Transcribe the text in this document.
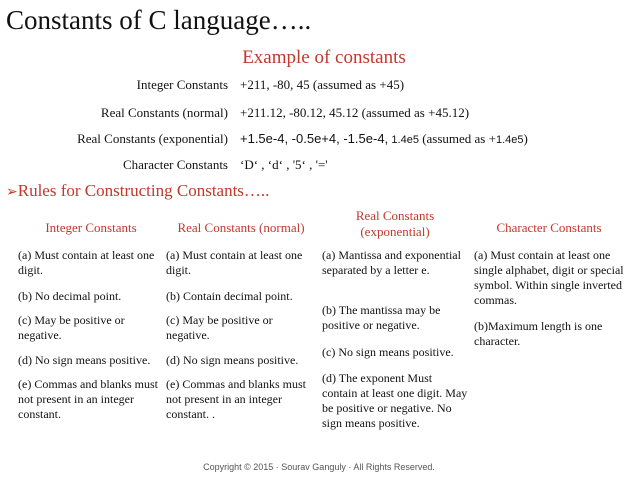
Constants of C language…..
Example of constants
Integer Constants +211, -80, 45 (assumed as +45)
Real Constants (normal) +211.12, -80.12, 45.12 (assumed as +45.12)
Real Constants (exponential) +1.5e-4, -0.5e+4, -1.5e-4, 1.4e5 (assumed as +1.4e5)
Character Constants ‘D‘ , ‘d‘ , '5‘ , '='
➢Rules for Constructing Constants…..
Integer Constants
(a) Must contain at least one digit.
(b) No decimal point.
(c) May be positive or negative.
(d) No sign means positive.
(e) Commas and blanks must not present in an integer constant.
Real Constants (normal)
(a) Must contain at least one digit.
(b) Contain decimal point.
(c) May be positive or negative.
(d) No sign means positive.
(e) Commas and blanks must not present in an integer constant. .
Real Constants (exponential)
(a) Mantissa and exponential separated by a letter e.
(b) The mantissa may be positive or negative.
(c) No sign means positive.
(d) The exponent Must contain at least one digit. May be positive or negative. No sign means positive.
Character Constants
(a) Must contain at least one single alphabet, digit or special symbol. Within single inverted commas.
(b)Maximum length is one character.
Copyright © 2015 · Sourav Ganguly · All Rights Reserved.
